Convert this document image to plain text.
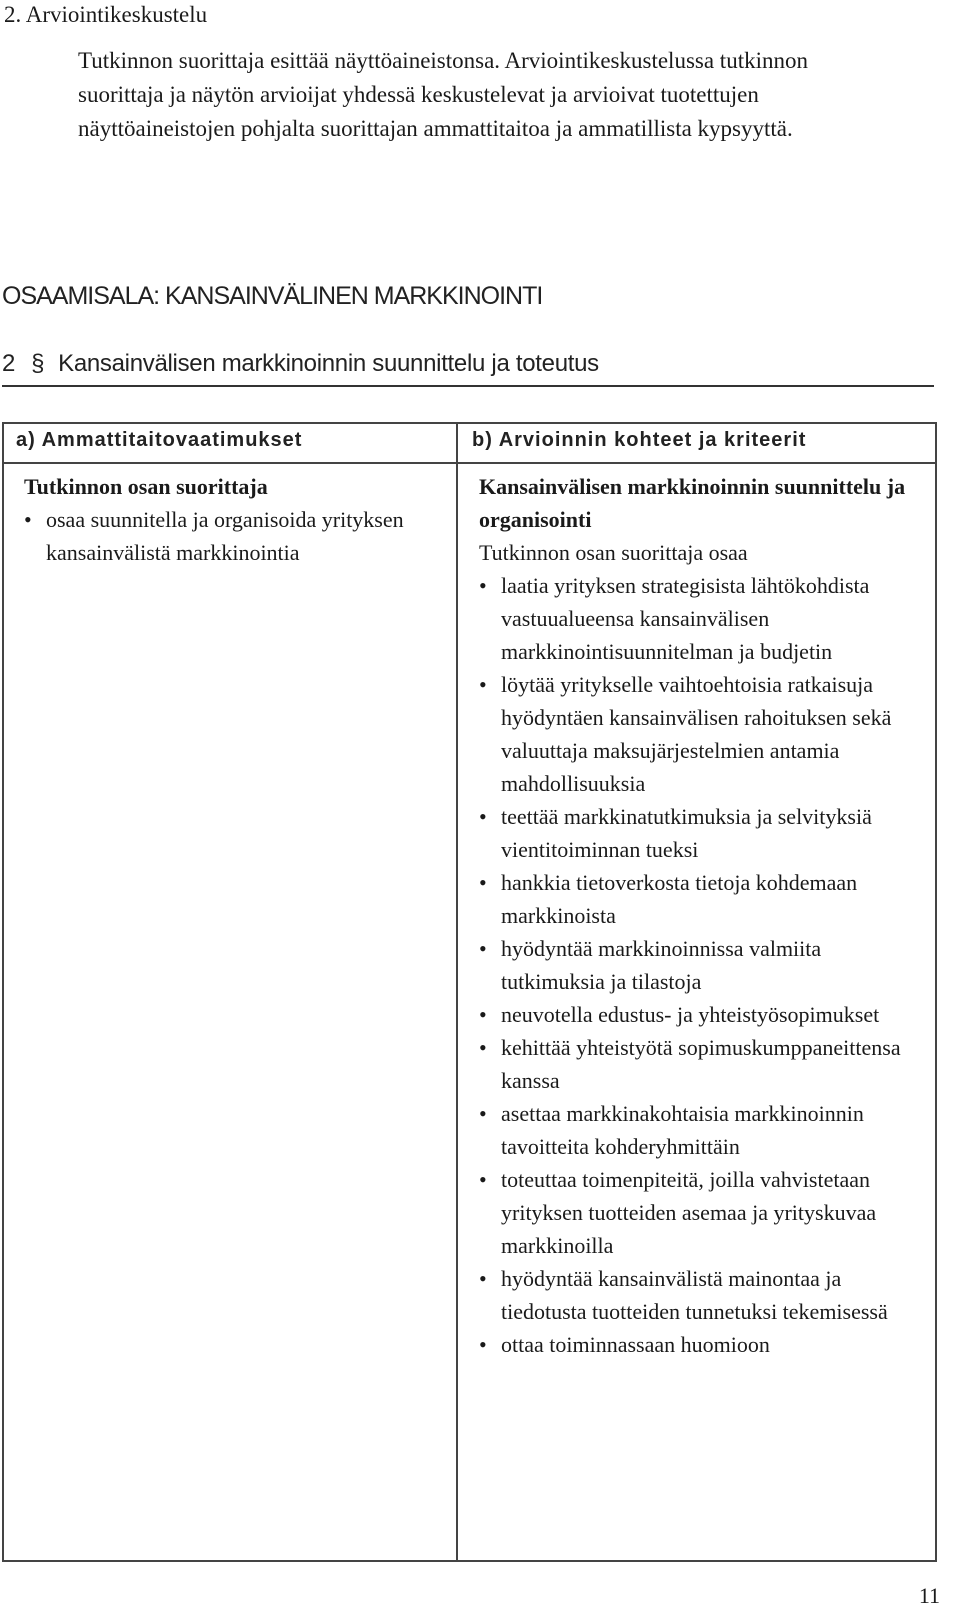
2. Arviointikeskustelu

Tutkinnon suorittaja esittää näyttöaineistonsa. Arviointikeskustelussa tutkinnon suorittaja ja näytön arvioijat yhdessä keskustelevat ja arvioivat tuotettujen näyttöaineistojen pohjalta suorittajan ammattitaitoa ja ammatillista kypsyyttä.

OSAAMISALA: KANSAINVÄLINEN MARKKINOINTI
2 § Kansainvälisen markkinoinnin suunnittelu ja toteutus
a) Ammattitaitovaatimukset	b) Arvioinnin kohteet ja kriteerit

Tutkinnon osan suorittaja

• osaa suunnitella ja organisoida yrityksen kansainvälistä markkinointia

Kansainvälisen markkinoinnin suunnittelu ja organisointi

Tutkinnon osan suorittaja osaa

• laatia yrityksen strategisista lähtökohdista vastuualueensa kansainvälisen markkinointisuunnitelman ja budjetin
• löytää yritykselle vaihtoehtoisia ratkaisuja hyödyntäen kansainvälisen rahoituksen sekä valuuttaja maksujärjestelmien antamia mahdollisuuksia
• teettää markkinatutkimuksia ja selvityksiä vientitoiminnan tueksi
• hankkia tietoverkosta tietoja kohdemaan markkinoista
• hyödyntää markkinoinnissa valmiita tutkimuksia ja tilastoja
• neuvotella edustus- ja yhteistyösopimukset
• kehittää yhteistyötä sopimuskumppaneittensa kanssa
• asettaa markkinakohtaisia markkinoinnin tavoitteita kohderyhmittäin
• toteuttaa toimenpiteitä, joilla vahvistetaan yrityksen tuotteiden asemaa ja yrityskuvaa markkinoilla
• hyödyntää kansainvälistä mainontaa ja tiedotusta tuotteiden tunnetuksi tekemisessä
• ottaa toiminnassaan huomioon
11
